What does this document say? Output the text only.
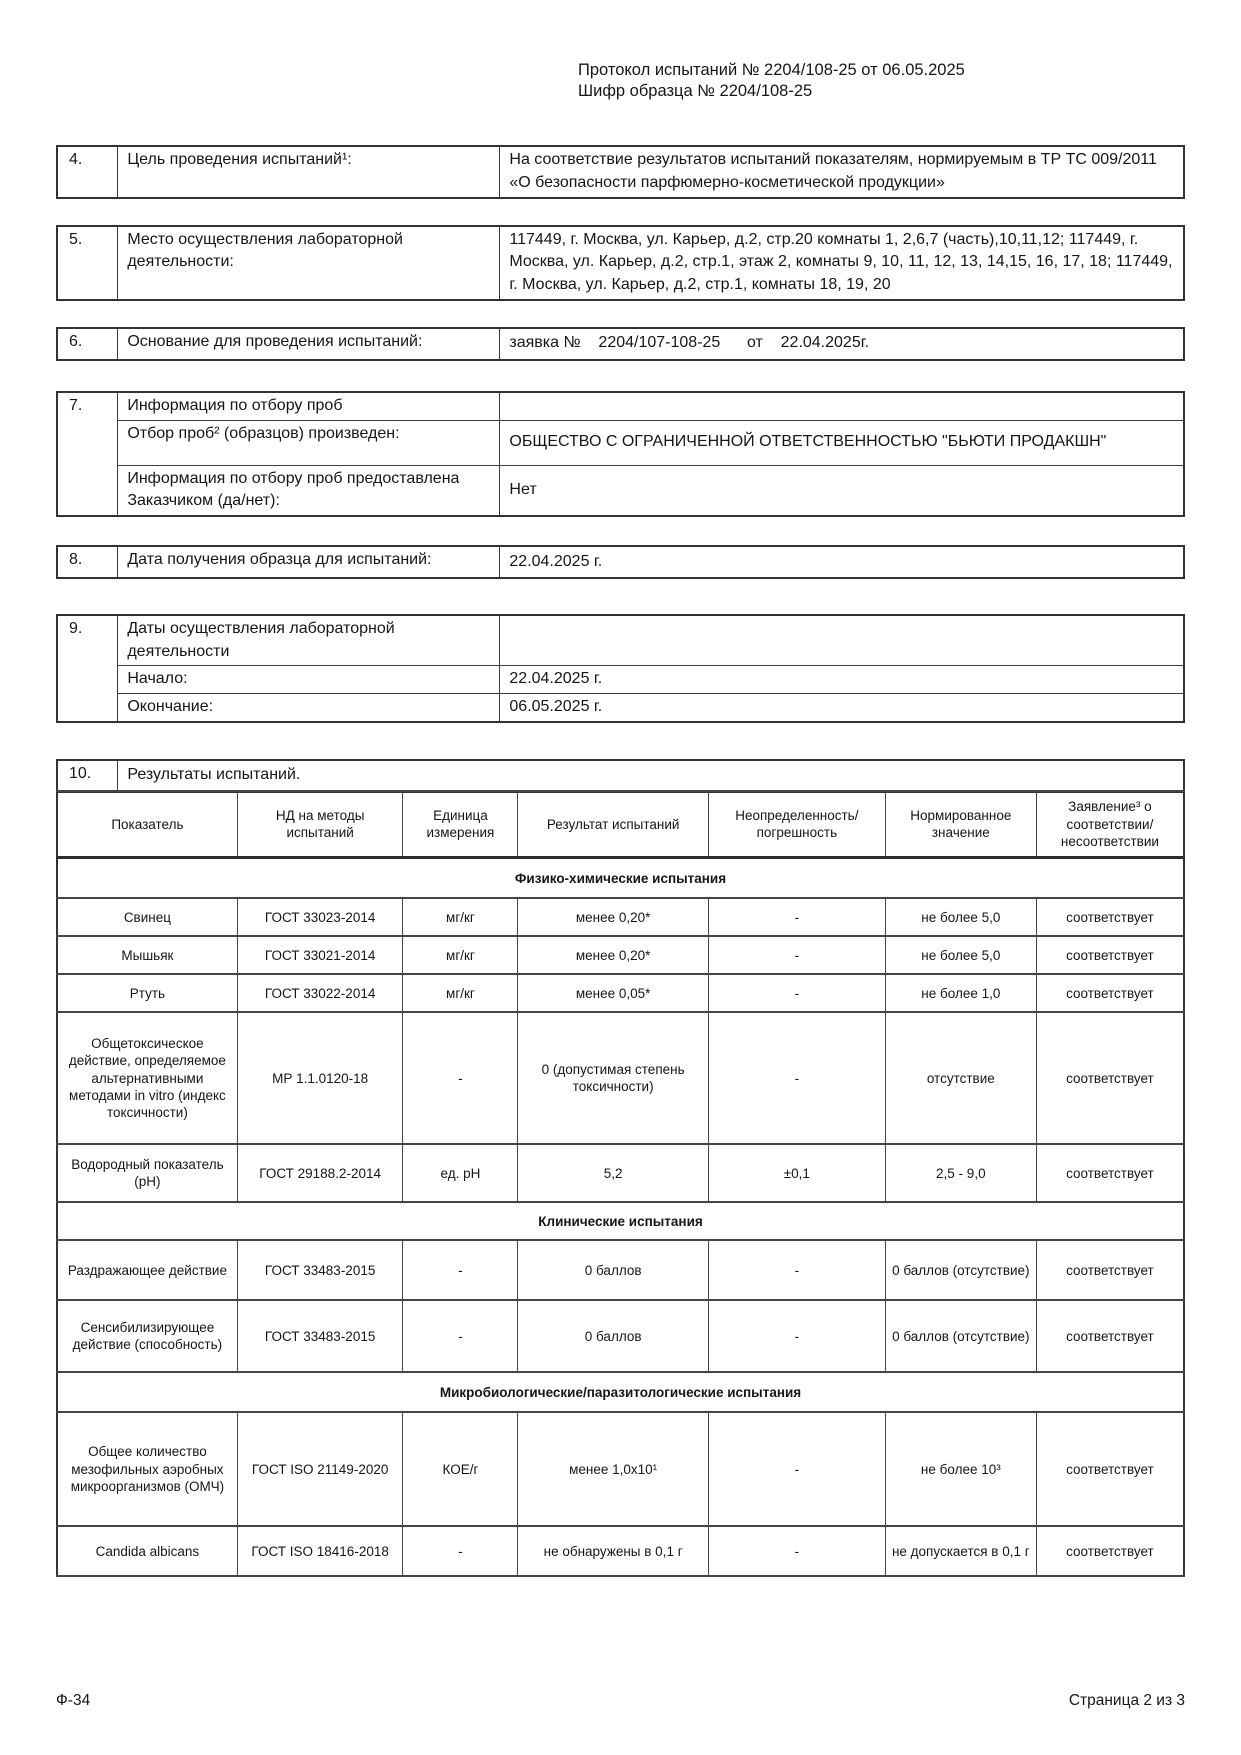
Протокол испытаний № 2204/108-25 от 06.05.2025
Шифр образца № 2204/108-25
4.	Цель проведения испытаний¹:	На соответствие результатов испытаний показателям, нормируемым в ТР ТС 009/2011 «О безопасности парфюмерно-косметической продукции»
5.	Место осуществления лабораторной деятельности:	117449, г. Москва, ул. Карьер, д.2, стр.20 комнаты 1, 2,6,7 (часть),10,11,12; 117449, г. Москва, ул. Карьер, д.2, стр.1, этаж 2, комнаты 9, 10, 11, 12, 13, 14,15, 16, 17, 18; 117449, г. Москва, ул. Карьер, д.2, стр.1, комнаты 18, 19, 20
6.	Основание для проведения испытаний:	заявка №    2204/107-108-25      от    22.04.2025г.
7.	Информация по отбору проб	
	Отбор проб² (образцов) произведен:	ОБЩЕСТВО С ОГРАНИЧЕННОЙ ОТВЕТСТВЕННОСТЬЮ "БЬЮТИ ПРОДАКШН"
	Информация по отбору проб предоставлена Заказчиком (да/нет):	Нет
8.	Дата получения образца для испытаний:	22.04.2025 г.
9.	Даты осуществления лабораторной деятельности	
	Начало:	22.04.2025 г.
	Окончание:	06.05.2025 г.
10.	Результаты испытаний.
Показатель	НД на методы испытаний	Единица измерения	Результат испытаний	Неопределенность/ погрешность	Нормированное значение	Заявление³ о соответствии/ несоответствии
Физико-химические испытания						
Свинец	ГОСТ 33023-2014	мг/кг	менее 0,20*	-	не более 5,0	соответствует
Мышьяк	ГОСТ 33021-2014	мг/кг	менее 0,20*	-	не более 5,0	соответствует
Ртуть	ГОСТ 33022-2014	мг/кг	менее 0,05*	-	не более 1,0	соответствует
Общетоксическое действие, определяемое альтернативными методами in vitro (индекс токсичности)	МР 1.1.0120-18	-	0 (допустимая степень токсичности)	-	отсутствие	соответствует
Водородный показатель (pH)	ГОСТ 29188.2-2014	ед. pH	5,2	±0,1	2,5 - 9,0	соответствует
Клинические испытания						
Раздражающее действие	ГОСТ 33483-2015	-	0 баллов	-	0 баллов (отсутствие)	соответствует
Сенсибилизирующее действие (способность)	ГОСТ 33483-2015	-	0 баллов	-	0 баллов (отсутствие)	соответствует
Микробиологические/паразитологические испытания						
Общее количество мезофильных аэробных микроорганизмов (ОМЧ)	ГОСТ ISO 21149-2020	КОЕ/г	менее 1,0x10¹	-	не более 10³	соответствует
Candida albicans	ГОСТ ISO 18416-2018	-	не обнаружены в 0,1 г	-	не допускается в 0,1 г	соответствует
Ф-34	Страница 2 из 3
